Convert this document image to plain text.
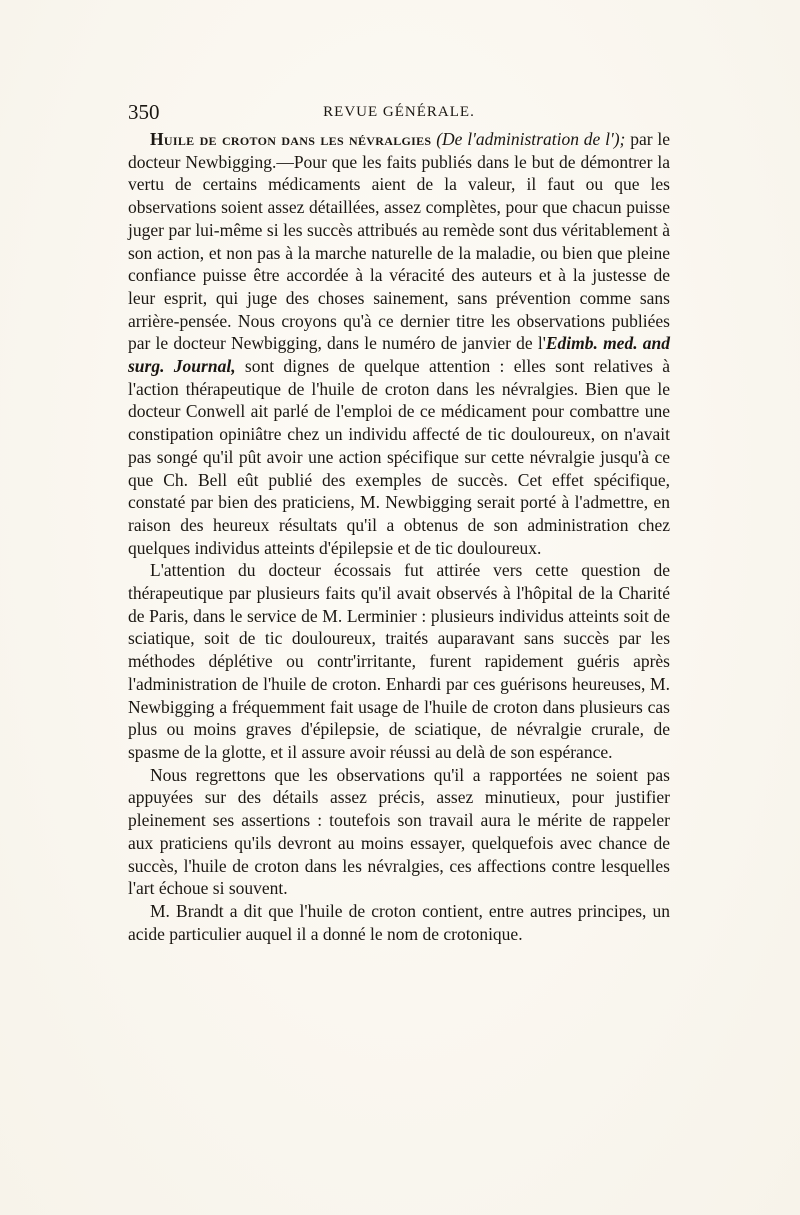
350	REVUE GÉNÉRALE.

Huile de croton dans les névralgies (De l'administration de l'); par le docteur Newbigging.—Pour que les faits publiés dans le but de démontrer la vertu de certains médicaments aient de la valeur, il faut ou que les observations soient assez détaillées, assez complètes, pour que chacun puisse juger par lui-même si les succès attribués au remède sont dus véritablement à son action, et non pas à la marche naturelle de la maladie, ou bien que pleine confiance puisse être accordée à la véracité des auteurs et à la justesse de leur esprit, qui juge des choses sainement, sans prévention comme sans arrière-pensée. Nous croyons qu'à ce dernier titre les observations publiées par le docteur Newbigging, dans le numéro de janvier de l'Edimb. med. and surg. Journal, sont dignes de quelque attention : elles sont relatives à l'action thérapeutique de l'huile de croton dans les névralgies. Bien que le docteur Conwell ait parlé de l'emploi de ce médicament pour combattre une constipation opiniâtre chez un individu affecté de tic douloureux, on n'avait pas songé qu'il pût avoir une action spécifique sur cette névralgie jusqu'à ce que Ch. Bell eût publié des exemples de succès. Cet effet spécifique, constaté par bien des praticiens, M. Newbigging serait porté à l'admettre, en raison des heureux résultats qu'il a obtenus de son administration chez quelques individus atteints d'épilepsie et de tic douloureux.

L'attention du docteur écossais fut attirée vers cette question de thérapeutique par plusieurs faits qu'il avait observés à l'hôpital de la Charité de Paris, dans le service de M. Lerminier : plusieurs individus atteints soit de sciatique, soit de tic douloureux, traités auparavant sans succès par les méthodes déplétive ou contr'irritante, furent rapidement guéris après l'administration de l'huile de croton. Enhardi par ces guérisons heureuses, M. Newbigging a fréquemment fait usage de l'huile de croton dans plusieurs cas plus ou moins graves d'épilepsie, de sciatique, de névralgie crurale, de spasme de la glotte, et il assure avoir réussi au delà de son espérance.

Nous regrettons que les observations qu'il a rapportées ne soient pas appuyées sur des détails assez précis, assez minutieux, pour justifier pleinement ses assertions : toutefois son travail aura le mérite de rappeler aux praticiens qu'ils devront au moins essayer, quelquefois avec chance de succès, l'huile de croton dans les névralgies, ces affections contre lesquelles l'art échoue si souvent.

M. Brandt a dit que l'huile de croton contient, entre autres principes, un acide particulier auquel il a donné le nom de crotonique.
